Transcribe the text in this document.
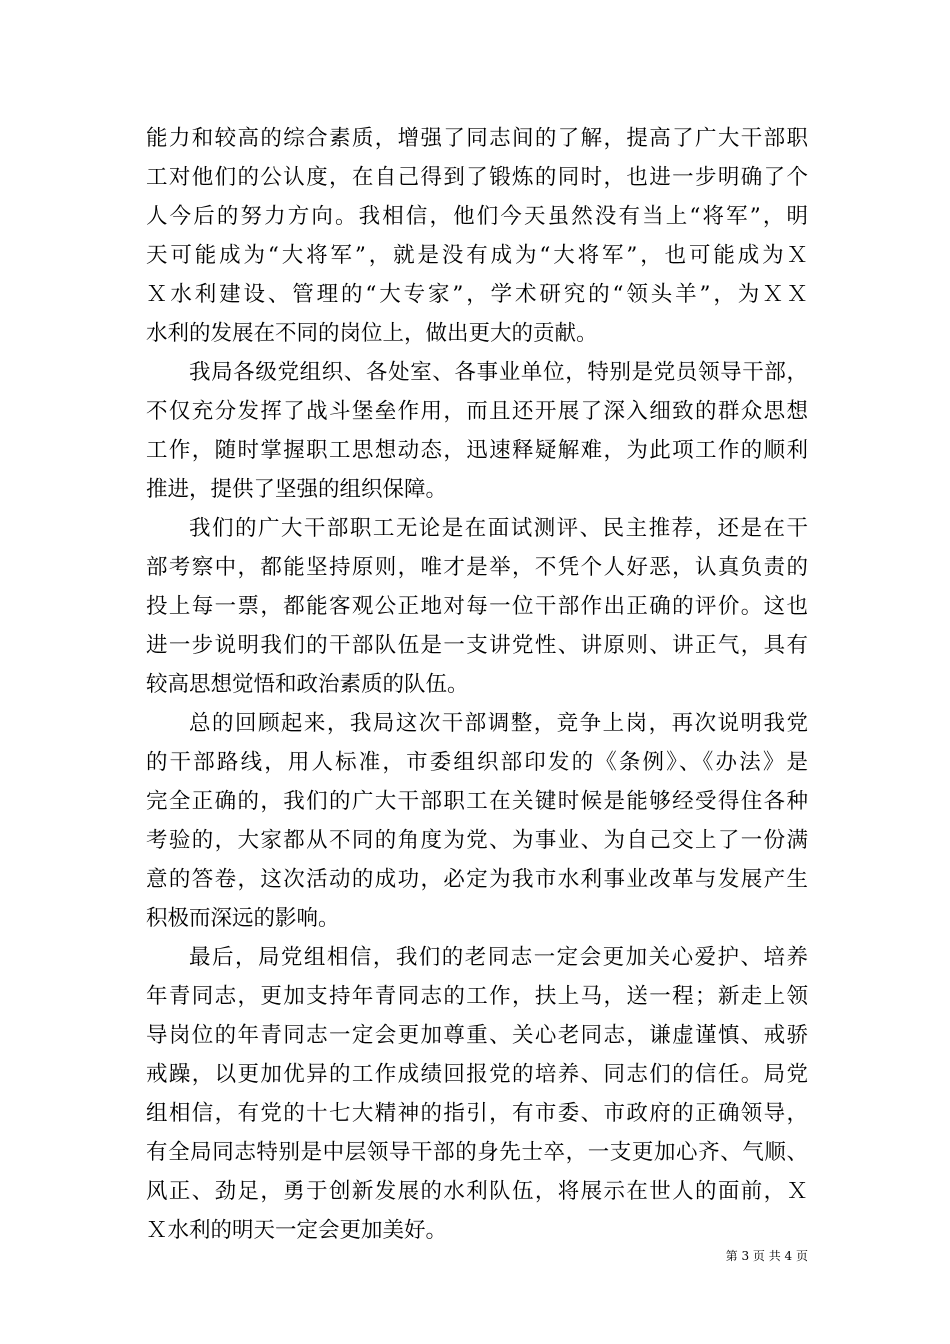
能力和较高的综合素质，增强了同志间的了解，提高了广大干部职
工对他们的公认度，在自己得到了锻炼的同时，也进一步明确了个
人今后的努力方向。我相信，他们今天虽然没有当上“将军”，明
天可能成为“大将军”，就是没有成为“大将军”，也可能成为Ｘ
Ｘ水利建设、管理的“大专家”，学术研究的“领头羊”，为ＸＸ
水利的发展在不同的岗位上，做出更大的贡献。
我局各级党组织、各处室、各事业单位，特别是党员领导干部，
不仅充分发挥了战斗堡垒作用，而且还开展了深入细致的群众思想
工作，随时掌握职工思想动态，迅速释疑解难，为此项工作的顺利
推进，提供了坚强的组织保障。
我们的广大干部职工无论是在面试测评、民主推荐，还是在干
部考察中，都能坚持原则，唯才是举，不凭个人好恶，认真负责的
投上每一票，都能客观公正地对每一位干部作出正确的评价。这也
进一步说明我们的干部队伍是一支讲党性、讲原则、讲正气，具有
较高思想觉悟和政治素质的队伍。
总的回顾起来，我局这次干部调整，竞争上岗，再次说明我党
的干部路线，用人标准，市委组织部印发的《条例》、《办法》是
完全正确的，我们的广大干部职工在关键时候是能够经受得住各种
考验的，大家都从不同的角度为党、为事业、为自己交上了一份满
意的答卷，这次活动的成功，必定为我市水利事业改革与发展产生
积极而深远的影响。
最后，局党组相信，我们的老同志一定会更加关心爱护、培养
年青同志，更加支持年青同志的工作，扶上马，送一程；新走上领
导岗位的年青同志一定会更加尊重、关心老同志，谦虚谨慎、戒骄
戒躁，以更加优异的工作成绩回报党的培养、同志们的信任。局党
组相信，有党的十七大精神的指引，有市委、市政府的正确领导，
有全局同志特别是中层领导干部的身先士卒，一支更加心齐、气顺、
风正、劲足，勇于创新发展的水利队伍，将展示在世人的面前，Ｘ
Ｘ水利的明天一定会更加美好。
第 3 页 共 4 页
